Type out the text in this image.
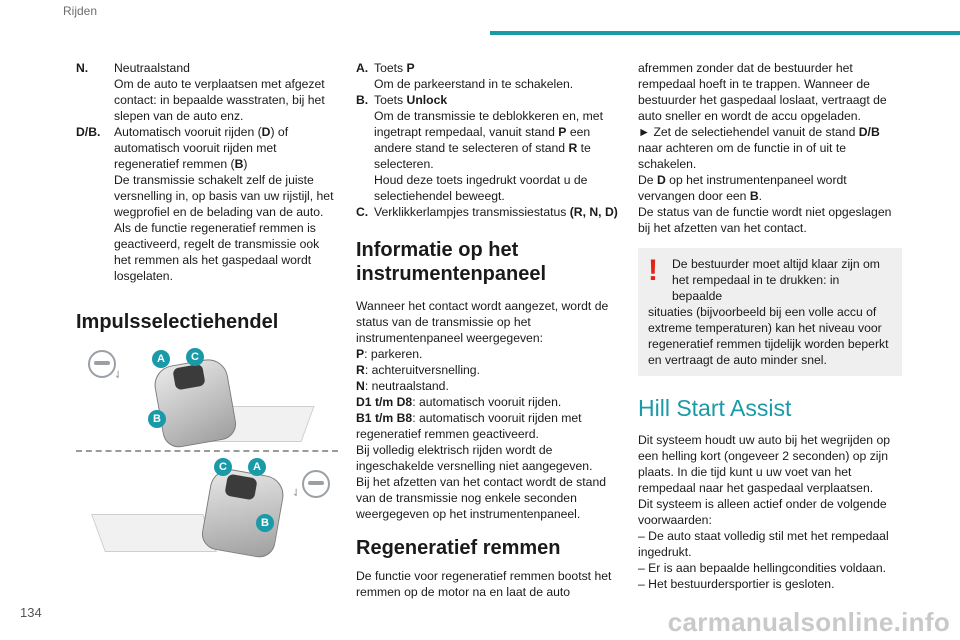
Rijden
N.	Neutraalstand
Om de auto te verplaatsen met afgezet contact: in bepaalde wasstraten, bij het slepen van de auto enz.
D/B.	Automatisch vooruit rijden (D) of automatisch vooruit rijden met regeneratief remmen (B)
De transmissie schakelt zelf de juiste versnelling in, op basis van uw rijstijl, het wegprofiel en de belading van de auto.
Als de functie regeneratief remmen is geactiveerd, regelt de transmissie ook het remmen als het gaspedaal wordt losgelaten.
Impulsselectiehendel
⇃
A	C
B
⇃
C	A
B
A. Toets P
Om de parkeerstand in te schakelen.
B. Toets Unlock
Om de transmissie te deblokkeren en, met ingetrapt rempedaal, vanuit stand P een andere stand te selecteren of stand R te selecteren.
Houd deze toets ingedrukt voordat u de selectiehendel beweegt.
C. Verklikkerlampjes transmissiestatus (R, N, D)
Informatie op het instrumentenpaneel

Wanneer het contact wordt aangezet, wordt de status van de transmissie op het instrumentenpaneel weergegeven:

P: parkeren.
R: achteruitversnelling.
N: neutraalstand.
D1 t/m D8: automatisch vooruit rijden.
B1 t/m B8: automatisch vooruit rijden met regeneratief remmen geactiveerd.

Bij volledig elektrisch rijden wordt de ingeschakelde versnelling niet aangegeven.

Bij het afzetten van het contact wordt de stand van de transmissie nog enkele seconden weergegeven op het instrumentenpaneel.

Regeneratief remmen

De functie voor regeneratief remmen bootst het remmen op de motor na en laat de auto

afremmen zonder dat de bestuurder het rempedaal hoeft in te trappen. Wanneer de bestuurder het gaspedaal loslaat, vertraagt de auto sneller en wordt de accu opgeladen.

► Zet de selectiehendel vanuit de stand D/B naar achteren om de functie in of uit te schakelen.

De D op het instrumentenpaneel wordt vervangen door een B.

De status van de functie wordt niet opgeslagen bij het afzetten van het contact.

!	De bestuurder moet altijd klaar zijn om het rempedaal in te drukken: in bepaalde
situaties (bijvoorbeeld bij een volle accu of extreme temperaturen) kan het niveau voor regeneratief remmen tijdelijk worden beperkt en vertraagt de auto minder snel.
Hill Start Assist

Dit systeem houdt uw auto bij het wegrijden op een helling kort (ongeveer 2 seconden) op zijn plaats. In die tijd kunt u uw voet van het rempedaal naar het gaspedaal verplaatsen.

Dit systeem is alleen actief onder de volgende voorwaarden:

– De auto staat volledig stil met het rempedaal ingedrukt.
– Er is aan bepaalde hellingcondities voldaan.
– Het bestuurdersportier is gesloten.
134	carmanualsonline.info
